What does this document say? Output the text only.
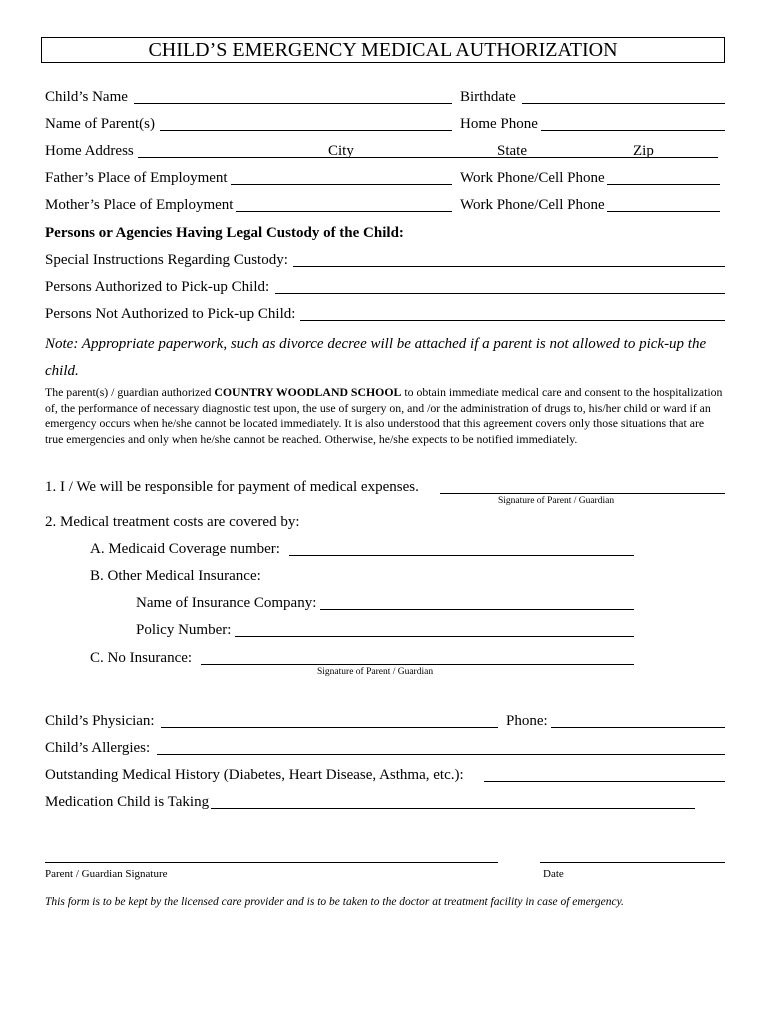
CHILD’S EMERGENCY MEDICAL AUTHORIZATION
Child’s Name	Birthdate
Name of Parent(s)	Home Phone
Home Address	City	State	Zip
Father’s Place of Employment	Work Phone/Cell Phone
Mother’s Place of Employment	Work Phone/Cell Phone
Persons or Agencies Having Legal Custody of the Child:
Special Instructions Regarding Custody:
Persons Authorized to Pick-up Child:
Persons Not Authorized to Pick-up Child:
Note: Appropriate paperwork, such as divorce decree will be attached if a parent is not allowed to pick-up the child.
The parent(s) / guardian authorized COUNTRY WOODLAND SCHOOL to obtain immediate medical care and consent to the hospitalization of, the performance of necessary diagnostic test upon, the use of surgery on, and /or the administration of drugs to, his/her child or ward if an emergency occurs when he/she cannot be located immediately. It is also understood that this agreement covers only those situations that are true emergencies and only when he/she cannot be reached. Otherwise, he/she expects to be notified immediately.
1. I / We will be responsible for payment of medical expenses.
Signature of Parent / Guardian
2. Medical treatment costs are covered by:
A. Medicaid Coverage number:
B. Other Medical Insurance:
Name of Insurance Company:
Policy Number:
C. No Insurance:
Signature of Parent / Guardian
Child’s Physician:	Phone:
Child’s Allergies:
Outstanding Medical History (Diabetes, Heart Disease, Asthma, etc.):
Medication Child is Taking
Parent / Guardian Signature	Date
This form is to be kept by the licensed care provider and is to be taken to the doctor at treatment facility in case of emergency.
